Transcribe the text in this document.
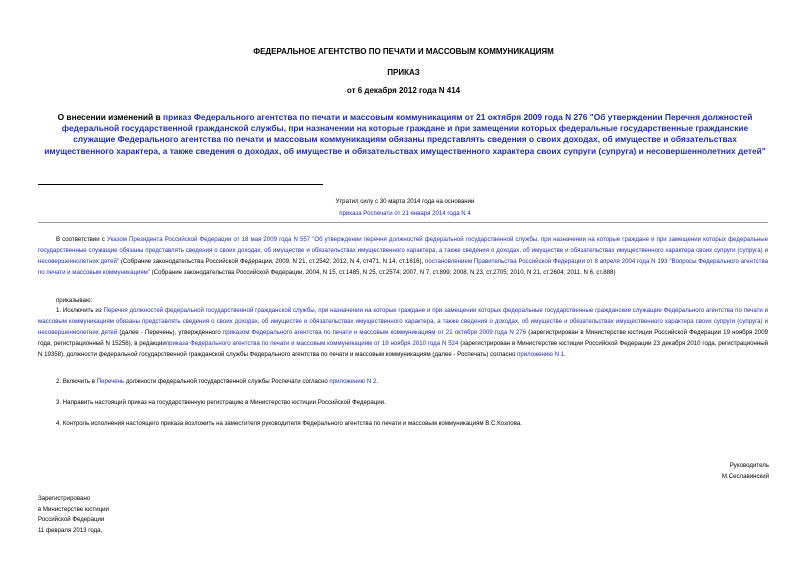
ФЕДЕРАЛЬНОЕ АГЕНТСТВО ПО ПЕЧАТИ И МАССОВЫМ КОММУНИКАЦИЯМ
ПРИКАЗ
от 6 декабря 2012 года N 414
О внесении изменений в приказ Федерального агентства по печати и массовым коммуникациям от 21 октября 2009 года N 276 "Об утверждении Перечня должностей федеральной государственной гражданской службы, при назначении на которые граждане и при замещении которых федеральные государственные гражданские служащие Федерального агентства по печати и массовым коммуникациям обязаны представлять сведения о своих доходах, об имуществе и обязательствах имущественного характера, а также сведения о доходах, об имуществе и обязательствах имущественного характера своих супруги (супруга) и несовершеннолетних детей"
Утратил силу с 30 марта 2014 года на основании
приказа Роспечати от 21 января 2014 года N 4
В соответствии с Указом Президента Российской Федерации от 18 мая 2009 года N 557 "Об утверждении перечня должностей федеральной государственной службы, при назначении на которые граждане и при замещении которых федеральные государственные служащие обязаны представлять сведения о своих доходах, об имуществе и обязательствах имущественного характера, а также сведения о доходах, об имуществе и обязательствах имущественного характера своих супруги (супруга) и несовершеннолетних детей" (Собрание законодательства Российской Федерации, 2009, N 21, ст.2542; 2012, N 4, ст471, N 14, ст.1616), постановлением Правительства Российской Федерации от 8 апреля 2004 года N 193 "Вопросы Федерального агентства по печати и массовым коммуникациям" (Собрание законодательства Российской Федерации, 2004, N 15, ст.1485, N 25, ст.2574; 2007, N 7, ст.899; 2008, N 23, ст.2705; 2010, N 21, ст.2604; 2011, N 6, ст.888)
приказываю:
1. Исключить из Перечня должностей федеральной государственной гражданской службы, при назначении на которые граждане и при замещении которых федеральные государственные гражданские служащие Федерального агентства по печати и массовым коммуникациям обязаны представлять сведения о своих доходах, об имуществе и обязательствах имущественного характера, а также сведения о доходах, об имуществе и обязательствах имущественного характера своих супруги (супруга) и несовершеннолетних детей (далее - Перечень), утвержденного приказом Федерального агентства по печати и массовым коммуникациям от 21 октября 2009 года N 276 (зарегистрирован в Министерстве юстиции Российской Федерации 19 ноября 2009 года, регистрационный N 15256), в редакцииприказа Федерального агентства по печати и массовым коммуникациям от 19 ноября 2010 года N 524 (зарегистрирован в Министерстве юстиции Российской Федерации 23 декабря 2010 года, регистрационный N 19358), должности федеральной государственной гражданской службы Федерального агентства по печати и массовым коммуникациям (далее - Роспечать) согласно приложению N 1.
2. Включить в Перечень должности федеральной государственной службы Роспечати согласно приложению N 2.
3. Направить настоящий приказ на государственную регистрацию в Министерство юстиции Российской Федерации.
4. Контроль исполнения настоящего приказа возложить на заместителя руководителя Федерального агентства по печати и массовым коммуникациям В.С.Козлова.
Руководитель
М.Сеславинский
Зарегистрировано
в Министерстве юстиции
Российской Федерации
11 февраля 2013 года,
